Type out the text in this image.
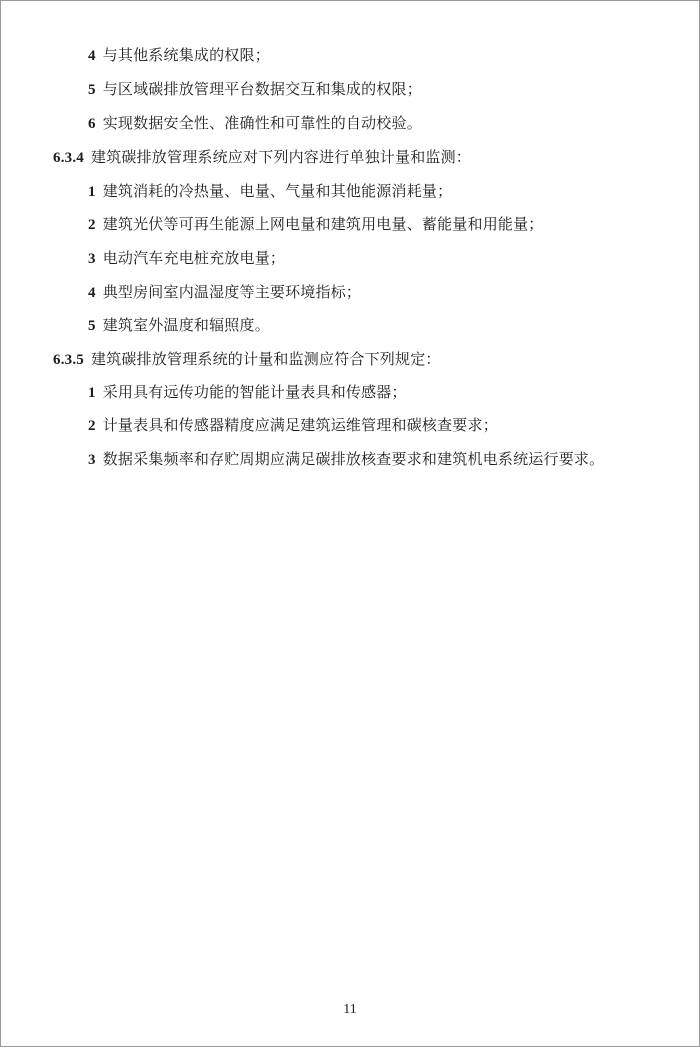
4 与其他系统集成的权限；
5 与区域碳排放管理平台数据交互和集成的权限；
6 实现数据安全性、准确性和可靠性的自动校验。
6.3.4 建筑碳排放管理系统应对下列内容进行单独计量和监测：
1 建筑消耗的冷热量、电量、气量和其他能源消耗量；
2 建筑光伏等可再生能源上网电量和建筑用电量、蓄能量和用能量；
3 电动汽车充电桩充放电量；
4 典型房间室内温湿度等主要环境指标；
5 建筑室外温度和辐照度。
6.3.5 建筑碳排放管理系统的计量和监测应符合下列规定：
1 采用具有远传功能的智能计量表具和传感器；
2 计量表具和传感器精度应满足建筑运维管理和碳核查要求；
3 数据采集频率和存贮周期应满足碳排放核查要求和建筑机电系统运行要求。
11
